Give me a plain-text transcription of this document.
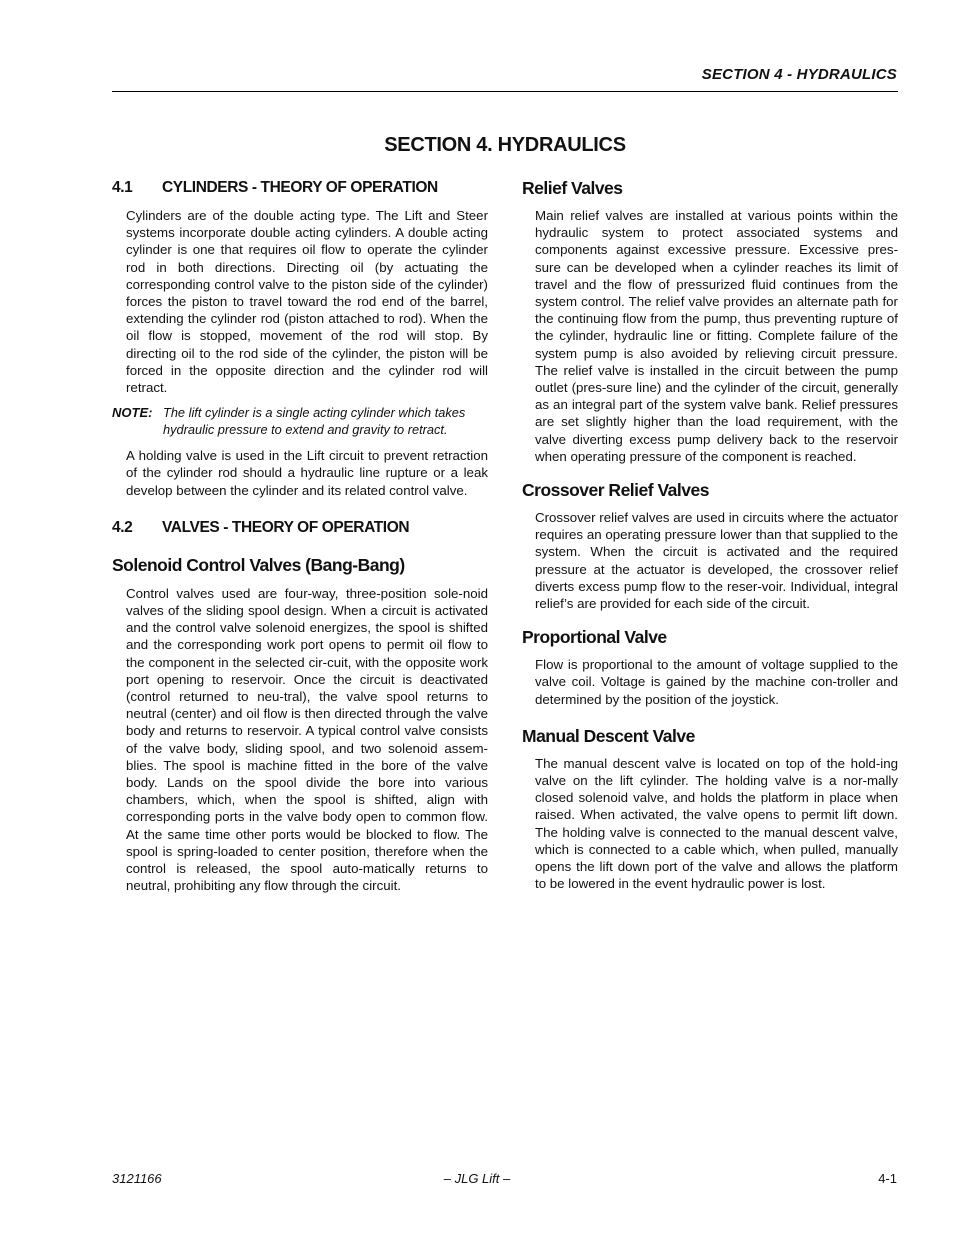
SECTION 4 - HYDRAULICS
SECTION 4. HYDRAULICS
4.1 CYLINDERS - THEORY OF OPERATION

Cylinders are of the double acting type. The Lift and Steer systems incorporate double acting cylinders. A double acting cylinder is one that requires oil flow to operate the cylinder rod in both directions. Directing oil (by actuating the corresponding control valve to the piston side of the cylinder) forces the piston to travel toward the rod end of the barrel, extending the cylinder rod (piston attached to rod). When the oil flow is stopped, movement of the rod will stop. By directing oil to the rod side of the cylinder, the piston will be forced in the opposite direction and the cylinder rod will retract.

NOTE: The lift cylinder is a single acting cylinder which takes hydraulic pressure to extend and gravity to retract.

A holding valve is used in the Lift circuit to prevent retraction of the cylinder rod should a hydraulic line rupture or a leak develop between the cylinder and its related control valve.

4.2 VALVES - THEORY OF OPERATION
Solenoid Control Valves (Bang-Bang)

Control valves used are four-way, three-position sole-noid valves of the sliding spool design. When a circuit is activated and the control valve solenoid energizes, the spool is shifted and the corresponding work port opens to permit oil flow to the component in the selected cir-cuit, with the opposite work port opening to reservoir. Once the circuit is deactivated (control returned to neu-tral), the valve spool returns to neutral (center) and oil flow is then directed through the valve body and returns to reservoir. A typical control valve consists of the valve body, sliding spool, and two solenoid assem-blies. The spool is machine fitted in the bore of the valve body. Lands on the spool divide the bore into various chambers, which, when the spool is shifted, align with corresponding ports in the valve body open to common flow. At the same time other ports would be blocked to flow. The spool is spring-loaded to center position, therefore when the control is released, the spool auto-matically returns to neutral, prohibiting any flow through the circuit.

Relief Valves

Main relief valves are installed at various points within the hydraulic system to protect associated systems and components against excessive pressure. Excessive pres-sure can be developed when a cylinder reaches its limit of travel and the flow of pressurized fluid continues from the system control. The relief valve provides an alternate path for the continuing flow from the pump, thus preventing rupture of the cylinder, hydraulic line or fitting. Complete failure of the system pump is also avoided by relieving circuit pressure. The relief valve is installed in the circuit between the pump outlet (pres-sure line) and the cylinder of the circuit, generally as an integral part of the system valve bank. Relief pressures are set slightly higher than the load requirement, with the valve diverting excess pump delivery back to the reservoir when operating pressure of the component is reached.

Crossover Relief Valves

Crossover relief valves are used in circuits where the actuator requires an operating pressure lower than that supplied to the system. When the circuit is activated and the required pressure at the actuator is developed, the crossover relief diverts excess pump flow to the reser-voir. Individual, integral relief’s are provided for each side of the circuit.

Proportional Valve

Flow is proportional to the amount of voltage supplied to the valve coil. Voltage is gained by the machine con-troller and determined by the position of the joystick.

Manual Descent Valve

The manual descent valve is located on top of the hold-ing valve on the lift cylinder. The holding valve is a nor-mally closed solenoid valve, and holds the platform in place when raised. When activated, the valve opens to permit lift down. The holding valve is connected to the manual descent valve, which is connected to a cable which, when pulled, manually opens the lift down port of the valve and allows the platform to be lowered in the event hydraulic power is lost.

3121166	– JLG Lift –	4-1
